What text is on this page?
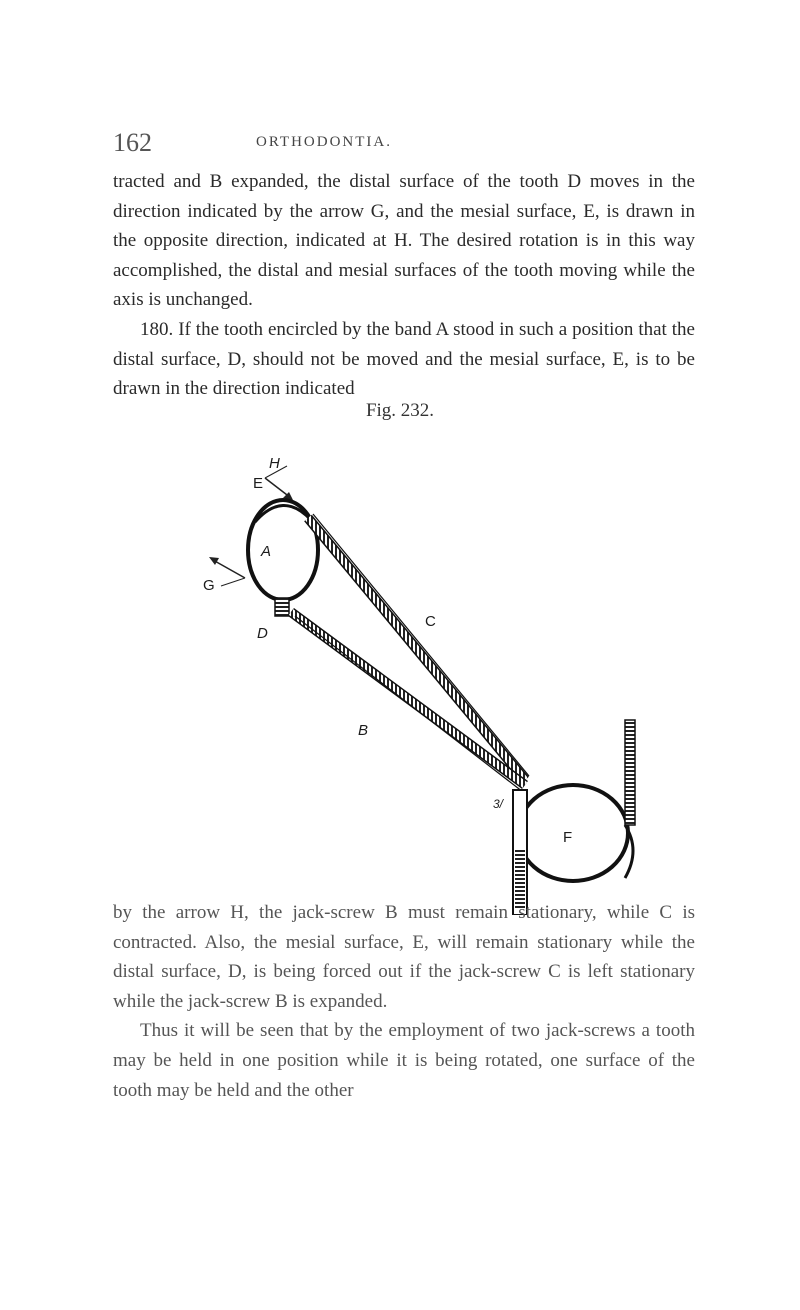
162	ORTHODONTIA.

tracted and B expanded, the distal surface of the tooth D moves in the direction indicated by the arrow G, and the mesial surface, E, is drawn in the opposite direction, indicated at H. The desired rotation is in this way accomplished, the distal and mesial surfaces of the tooth moving while the axis is unchanged.

180. If the tooth encircled by the band A stood in such a position that the distal surface, D, should not be moved and the mesial surface, E, is to be drawn in the direction indicated

Fig. 232.
H
E
A
G
D
C
B
F
3/

by the arrow H, the jack-screw B must remain stationary, while C is contracted. Also, the mesial surface, E, will remain stationary while the distal surface, D, is being forced out if the jack-screw C is left stationary while the jack-screw B is expanded.

Thus it will be seen that by the employment of two jack-screws a tooth may be held in one position while it is being rotated, one surface of the tooth may be held and the other
